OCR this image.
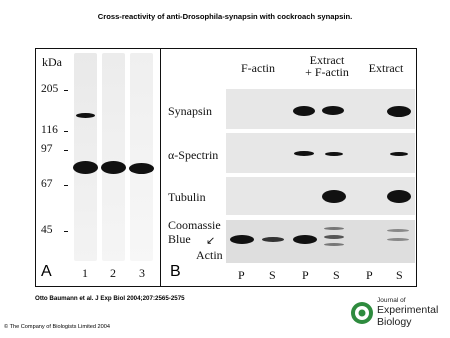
Cross-reactivity of anti-Drosophila-synapsin with cockroach synapsin.
kDa
205
116
97
67
45
1 2 3
A
F-actin
Extract
+ F-actin	Extract
Synapsin
α-Spectrin
Tubulin
Coomassie
Blue	↙
Actin
P S P S P S
B
Otto Baumann et al. J Exp Biol 2004;207:2565-2575
© The Company of Biologists Limited 2004
Journal of
Experimental
Biology
